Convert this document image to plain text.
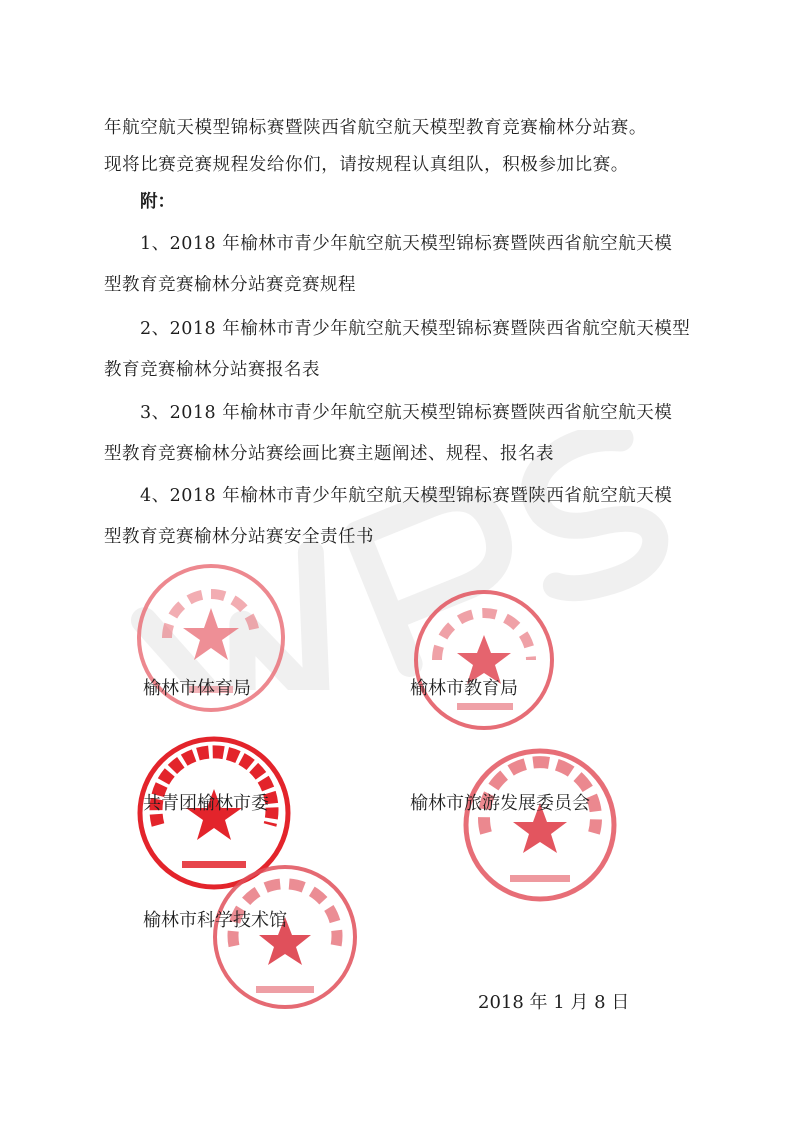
年航空航天模型锦标赛暨陕西省航空航天模型教育竞赛榆林分站赛。
现将比赛竞赛规程发给你们，请按规程认真组队，积极参加比赛。
附：
1、2018 年榆林市青少年航空航天模型锦标赛暨陕西省航空航天模
型教育竞赛榆林分站赛竞赛规程
2、2018 年榆林市青少年航空航天模型锦标赛暨陕西省航空航天模型
教育竞赛榆林分站赛报名表
3、2018 年榆林市青少年航空航天模型锦标赛暨陕西省航空航天模
型教育竞赛榆林分站赛绘画比赛主题阐述、规程、报名表
4、2018 年榆林市青少年航空航天模型锦标赛暨陕西省航空航天模
型教育竞赛榆林分站赛安全责任书
榆林市体育局	榆林市教育局
共青团榆林市委	榆林市旅游发展委员会
榆林市科学技术馆
2018 年 1 月 8 日
